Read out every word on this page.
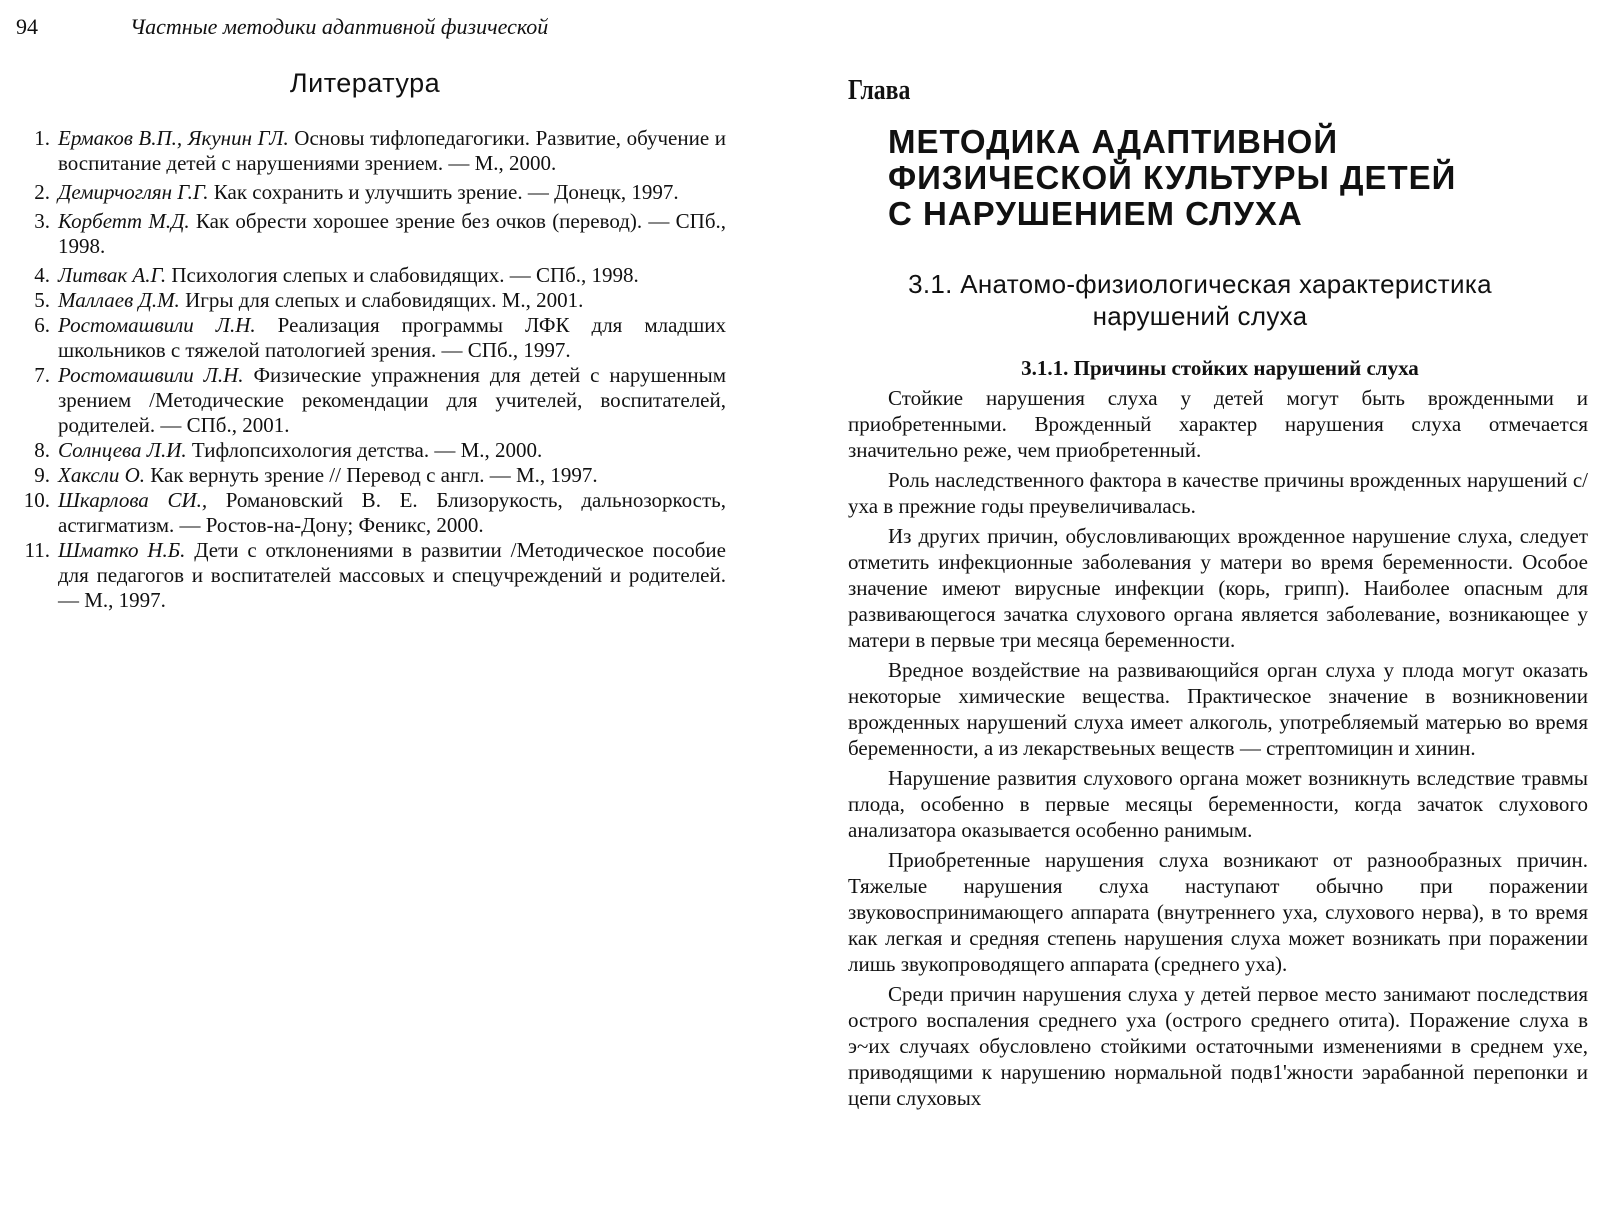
94	Частные методики адаптивной физической
Литература
1. Ермаков В.П., Якунин ГЛ. Основы тифлопедагогики. Развитие, обучение и воспитание детей с нарушениями зрением. — М., 2000.
2. Демирчоглян Г.Г. Как сохранить и улучшить зрение. — Донецк, 1997.
3. Корбетт М.Д. Как обрести хорошее зрение без очков (перевод). — СПб., 1998.
4. Литвак А.Г. Психология слепых и слабовидящих. — СПб., 1998.
5. Маллаев Д.М. Игры для слепых и слабовидящих. М., 2001.
6. Ростомашвили Л.Н. Реализация программы ЛФК для младших школьников с тяжелой патологией зрения. — СПб., 1997.
7. Ростомашвили Л.Н. Физические упражнения для детей с нарушенным зрением /Методические рекомендации для учителей, воспитателей, родителей. — СПб., 2001.
8. Солнцева Л.И. Тифлопсихология детства. — М., 2000.
9. Хаксли О. Как вернуть зрение // Перевод с англ. — М., 1997.
10. Шкарлова СИ., Романовский В. Е. Близорукость, дальнозоркость, астигматизм. — Ростов-на-Дону; Феникс, 2000.
11. Шматко Н.Б. Дети с отклонениями в развитии /Методическое пособие для педагогов и воспитателей массовых и спецучреждений и родителей. — М., 1997.
Глава
МЕТОДИКА АДАПТИВНОЙ
ФИЗИЧЕСКОЙ КУЛЬТУРЫ ДЕТЕЙ
С НАРУШЕНИЕМ СЛУХА
3.1. Анатомо-физиологическая характеристика
нарушений слуха
3.1.1. Причины стойких нарушений слуха

Стойкие нарушения слуха у детей могут быть врожденными и приобретенными. Врожденный характер нарушения слуха отмечается значительно реже, чем приобретенный.

Роль наследственного фактора в качестве причины врожденных нарушений с/уха в прежние годы преувеличивалась.

Из других причин, обусловливающих врожденное нарушение слуха, следует отметить инфекционные заболевания у матери во время беременности. Особое значение имеют вирусные инфекции (корь, грипп). Наиболее опасным для развивающегося зачатка слухового органа является заболевание, возникающее у матери в первые три месяца беременности.

Вредное воздействие на развивающийся орган слуха у плода могут оказать некоторые химические вещества. Практическое значение в возникновении врожденных нарушений слуха имеет алкоголь, употребляемый матерью во время беременности, а из лекарствеьных веществ — стрептомицин и хинин.

Нарушение развития слухового органа может возникнуть вследствие травмы плода, особенно в первые месяцы беременности, когда зачаток слухового анализатора оказывается особенно ранимым.

Приобретенные нарушения слуха возникают от разнообразных причин. Тяжелые нарушения слуха наступают обычно при поражении звуковоспринимающего аппарата (внутреннего уха, слухового нерва), в то время как легкая и средняя степень нарушения слуха может возникать при поражении лишь звукопроводящего аппарата (среднего уха).

Среди причин нарушения слуха у детей первое место занимают последствия острого воспаления среднего уха (острого среднего отита). Поражение слуха в э~их случаях обусловлено стойкими остаточными изменениями в среднем ухе, приводящими к нарушению нормальной подв1'жности эарабанной перепонки и цепи слуховых
